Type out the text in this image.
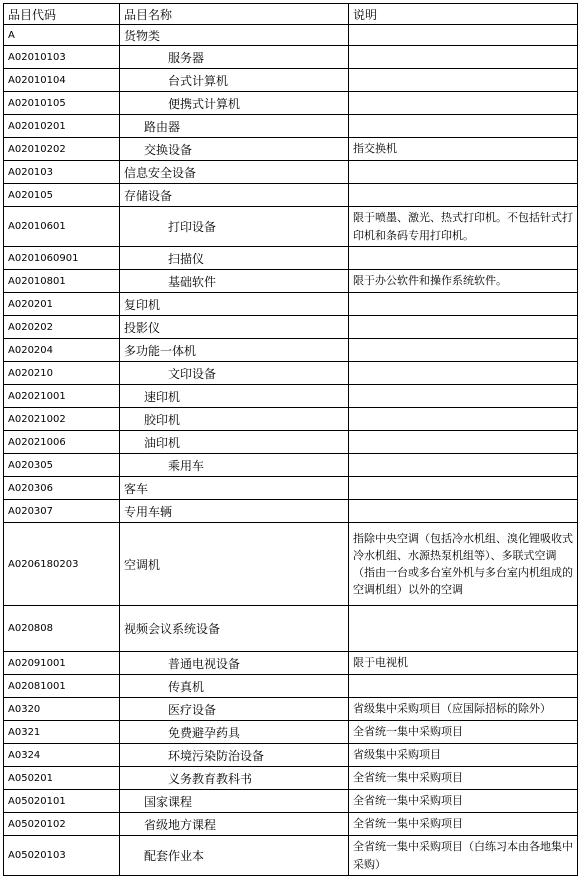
品目代码	品目名称	说明
A	货物类	
A02010103	服务器	
A02010104	台式计算机	
A02010105	便携式计算机	
A02010201	路由器	
A02010202	交换设备	指交换机
A020103	信息安全设备	
A020105	存储设备	
A02010601	打印设备	限于喷墨、激光、热式打印机。不包括针式打印机和条码专用打印机。
A0201060901	扫描仪	
A02010801	基础软件	限于办公软件和操作系统软件。
A020201	复印机	
A020202	投影仪	
A020204	多功能一体机	
A020210	文印设备	
A02021001	速印机	
A02021002	胶印机	
A02021006	油印机	
A020305	乘用车	
A020306	客车	
A020307	专用车辆	
A0206180203	空调机	指除中央空调（包括冷水机组、溴化锂吸收式冷水机组、水源热泵机组等）、多联式空调（指由一台或多台室外机与多台室内机组成的空调机组）以外的空调
A020808	视频会议系统设备	
A02091001	普通电视设备	限于电视机
A02081001	传真机	
A0320	医疗设备	省级集中采购项目（应国际招标的除外）
A0321	免费避孕药具	全省统一集中采购项目
A0324	环境污染防治设备	省级集中采购项目
A050201	义务教育教科书	全省统一集中采购项目
A05020101	国家课程	全省统一集中采购项目
A05020102	省级地方课程	全省统一集中采购项目
A05020103	配套作业本	全省统一集中采购项目（白练习本由各地集中采购）
